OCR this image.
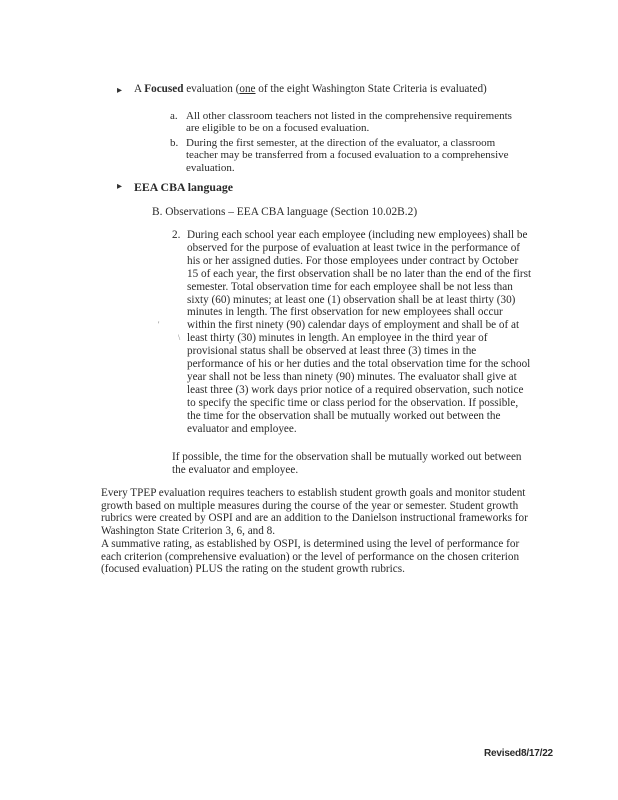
▸ A Focused evaluation (one of the eight Washington State Criteria is evaluated)
a. All other classroom teachers not listed in the comprehensive requirements are eligible to be on a focused evaluation.
b. During the first semester, at the direction of the evaluator, a classroom teacher may be transferred from a focused evaluation to a comprehensive evaluation.
▸ EEA CBA language
B. Observations – EEA CBA language (Section 10.02B.2)
2. During each school year each employee (including new employees) shall be observed for the purpose of evaluation at least twice in the performance of his or her assigned duties. For those employees under contract by October 15 of each year, the first observation shall be no later than the end of the first semester. Total observation time for each employee shall be not less than sixty (60) minutes; at least one (1) observation shall be at least thirty (30) minutes in length. The first observation for new employees shall occur within the first ninety (90) calendar days of employment and shall be of at least thirty (30) minutes in length. An employee in the third year of provisional status shall be observed at least three (3) times in the performance of his or her duties and the total observation time for the school year shall not be less than ninety (90) minutes. The evaluator shall give at least three (3) work days prior notice of a required observation, such notice to specify the specific time or class period for the observation. If possible, the time for the observation shall be mutually worked out between the evaluator and employee.
'
\
If possible, the time for the observation shall be mutually worked out between the evaluator and employee.
Every TPEP evaluation requires teachers to establish student growth goals and monitor student growth based on multiple measures during the course of the year or semester. Student growth rubrics were created by OSPI and are an addition to the Danielson instructional frameworks for Washington State Criterion 3, 6, and 8.
A summative rating, as established by OSPI, is determined using the level of performance for each criterion (comprehensive evaluation) or the level of performance on the chosen criterion (focused evaluation) PLUS the rating on the student growth rubrics.
Revised8/17/22
